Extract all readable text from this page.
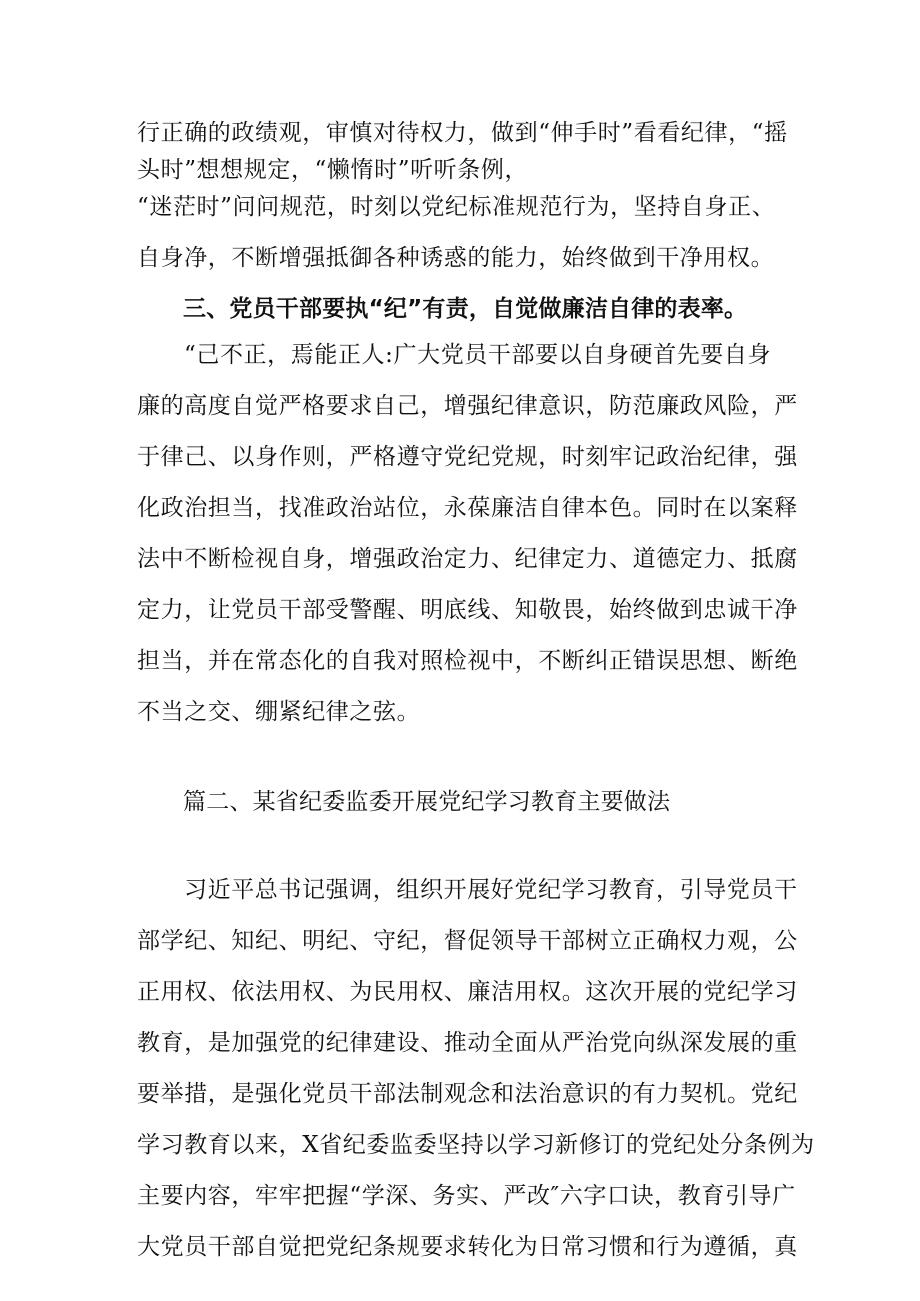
行正确的政绩观，审慎对待权力，做到“伸手时”看看纪律，“摇
头时”想想规定，“懒惰时”听听条例，
“迷茫时”问问规范，时刻以党纪标准规范行为，坚持自身正、
自身净，不断增强抵御各种诱惑的能力，始终做到干净用权。
三、党员干部要执“纪”有责，自觉做廉洁自律的表率。
“己不正，焉能正人:广大党员干部要以自身硬首先要自身
廉的高度自觉严格要求自己，增强纪律意识，防范廉政风险，严
于律己、以身作则，严格遵守党纪党规，时刻牢记政治纪律，强
化政治担当，找准政治站位，永葆廉洁自律本色。同时在以案释
法中不断检视自身，增强政治定力、纪律定力、道德定力、抵腐
定力，让党员干部受警醒、明底线、知敬畏，始终做到忠诚干净
担当，并在常态化的自我对照检视中，不断纠正错误思想、断绝
不当之交、绷紧纪律之弦。
篇二、某省纪委监委开展党纪学习教育主要做法
习近平总书记强调，组织开展好党纪学习教育，引导党员干
部学纪、知纪、明纪、守纪，督促领导干部树立正确权力观，公
正用权、依法用权、为民用权、廉洁用权。这次开展的党纪学习
教育，是加强党的纪律建设、推动全面从严治党向纵深发展的重
要举措，是强化党员干部法制观念和法治意识的有力契机。党纪
学习教育以来，X省纪委监委坚持以学习新修订的党纪处分条例为
主要内容，牢牢把握“学深、务实、严改″六字口诀，教育引导广
大党员干部自觉把党纪条规要求转化为日常习惯和行为遵循，真
